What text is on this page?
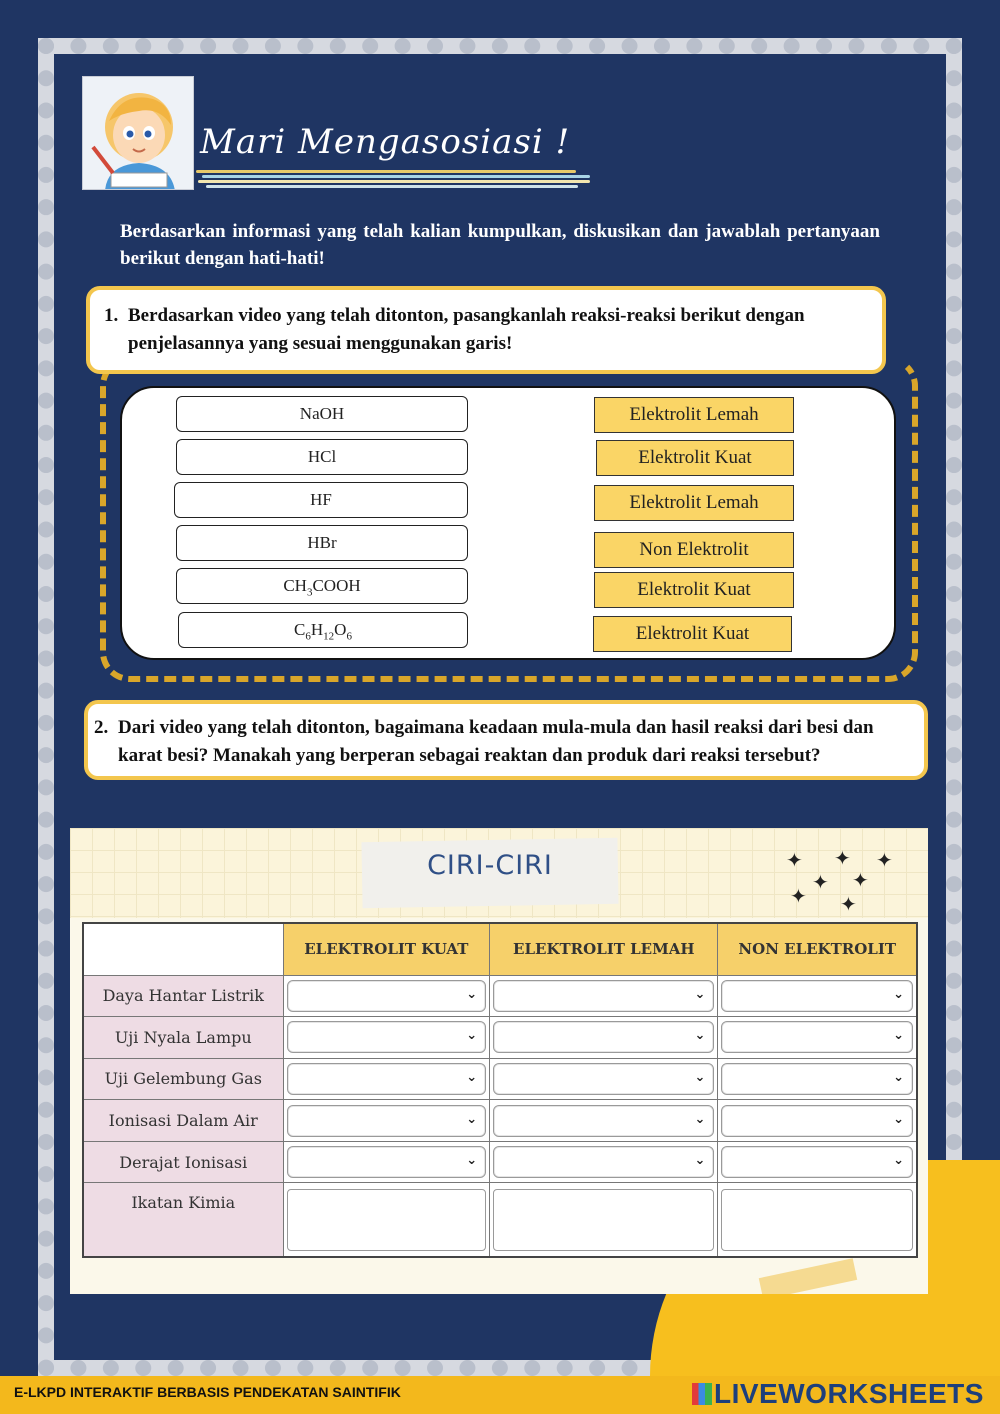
Mari Mengasosiasi !
Berdasarkan informasi yang telah kalian kumpulkan, diskusikan dan jawablah pertanyaan berikut dengan hati-hati!
1. Berdasarkan video yang telah ditonton, pasangkanlah reaksi-reaksi berikut dengan penjelasannya yang sesuai menggunakan garis!
NaOH
HCl
HF
HBr
$CH_3COOH$
$C_6H_{12}O_6$
Elektrolit Lemah
Elektrolit Kuat
Elektrolit Lemah
Non Elektrolit
Elektrolit Kuat
Elektrolit Kuat
2. Dari video yang telah ditonton, bagaimana keadaan mula-mula dan hasil reaksi dari besi dan karat besi? Manakah yang berperan sebagai reaktan dan produk dari reaksi tersebut?
CIRI-CIRI	✦ ✦ ✦
✦ ✦
✦ ✦
	ELEKTROLIT KUAT	ELEKTROLIT LEMAH	NON ELEKTROLIT
Daya Hantar Listrik	⌄	⌄	⌄

Uji Nyala Lampu	⌄	⌄	⌄

Uji Gelembung Gas	⌄	⌄	⌄

Ionisasi Dalam Air	⌄	⌄	⌄

Derajat Ionisasi	⌄	⌄	⌄

Ikatan Kimia	

E-LKPD INTERAKTIF BERBASIS PENDEKATAN SAINTIFIK	LIVEWORKSHEETS
